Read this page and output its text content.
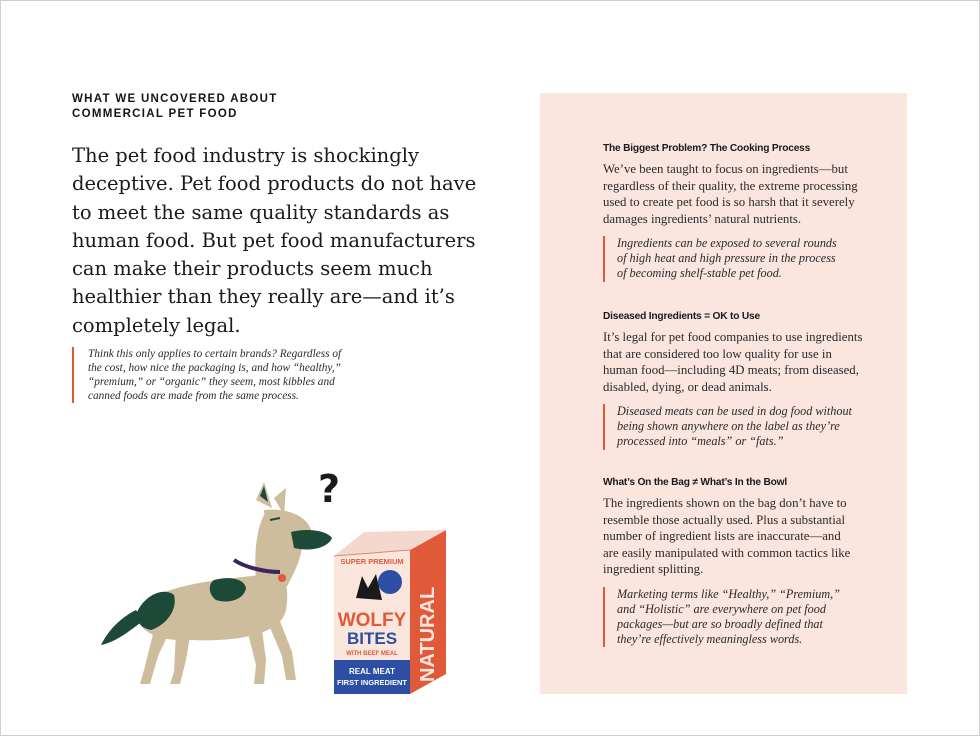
WHAT WE UNCOVERED ABOUT
COMMERCIAL PET FOOD
The pet food industry is shockingly
deceptive. Pet food products do not have
to meet the same quality standards as
human food. But pet food manufacturers
can make their products seem much
healthier than they really are—and it’s
completely legal.
Think this only applies to certain brands? Regardless of
the cost, how nice the packaging is, and how “healthy,”
“premium,” or “organic” they seem, most kibbles and
canned foods are made from the same process.
?
SUPER PREMIUM
WOLFY
BITES
WITH BEEF MEAL
REAL MEAT
FIRST INGREDIENT
NATURAL
The Biggest Problem? The Cooking Process
We’ve been taught to focus on ingredients—but
regardless of their quality, the extreme processing
used to create pet food is so harsh that it severely
damages ingredients’ natural nutrients.
Ingredients can be exposed to several rounds
of high heat and high pressure in the process
of becoming shelf-stable pet food.
Diseased Ingredients = OK to Use
It’s legal for pet food companies to use ingredients
that are considered too low quality for use in
human food—including 4D meats; from diseased,
disabled, dying, or dead animals.
Diseased meats can be used in dog food without
being shown anywhere on the label as they’re
processed into “meals” or “fats.”
What’s On the Bag ≠ What’s In the Bowl
The ingredients shown on the bag don’t have to
resemble those actually used. Plus a substantial
number of ingredient lists are inaccurate—and
are easily manipulated with common tactics like
ingredient splitting.
Marketing terms like “Healthy,” “Premium,”
and “Holistic” are everywhere on pet food
packages—but are so broadly defined that
they’re effectively meaningless words.
